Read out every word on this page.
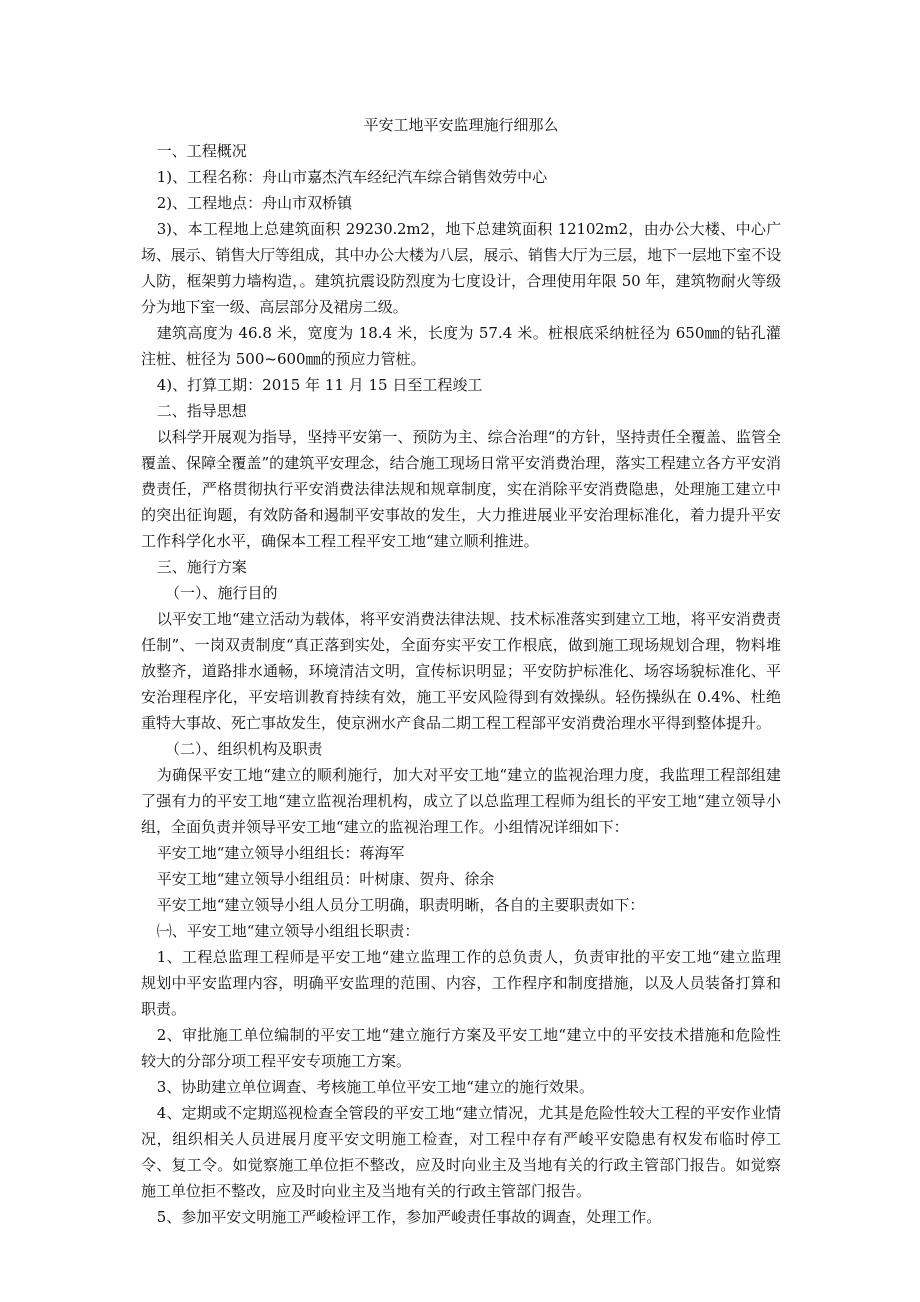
平安工地平安监理施行细那么

一、工程概况

1)、工程名称：舟山市嘉杰汽车经纪汽车综合销售效劳中心

2)、工程地点：舟山市双桥镇

3)、本工程地上总建筑面积 29230.2m2，地下总建筑面积 12102m2，由办公大楼、中心广场、展示、销售大厅等组成，其中办公大楼为八层，展示、销售大厅为三层，地下一层地下室不设人防，框架剪力墙构造，。建筑抗震设防烈度为七度设计，合理使用年限 50 年，建筑物耐火等级分为地下室一级、高层部分及裙房二级。

建筑高度为 46.8 米，宽度为 18.4 米，长度为 57.4 米。桩根底采纳桩径为 650㎜的钻孔灌注桩、桩径为 500~600㎜的预应力管桩。

4)、打算工期：2015 年 11 月 15 日至工程竣工

二、指导思想

以科学开展观为指导，坚持平安第一、预防为主、综合治理“的方针，坚持责任全覆盖、监管全覆盖、保障全覆盖”的建筑平安理念，结合施工现场日常平安消费治理，落实工程建立各方平安消费责任，严格贯彻执行平安消费法律法规和规章制度，实在消除平安消费隐患，处理施工建立中的突出征询题，有效防备和遏制平安事故的发生，大力推进展业平安治理标准化，着力提升平安工作科学化水平，确保本工程工程平安工地“建立顺利推进。

三、施行方案

（一）、施行目的

以平安工地“建立活动为载体，将平安消费法律法规、技术标准落实到建立工地，将平安消费责任制”、一岗双责制度“真正落到实处，全面夯实平安工作根底，做到施工现场规划合理，物料堆放整齐，道路排水通畅，环境清洁文明，宣传标识明显；平安防护标准化、场容场貌标准化、平安治理程序化，平安培训教育持续有效，施工平安风险得到有效操纵。轻伤操纵在 0.4%、杜绝重特大事故、死亡事故发生，使京洲水产食品二期工程工程部平安消费治理水平得到整体提升。

（二）、组织机构及职责

为确保平安工地“建立的顺利施行，加大对平安工地“建立的监视治理力度，我监理工程部组建了强有力的平安工地“建立监视治理机构，成立了以总监理工程师为组长的平安工地“建立领导小组，全面负责并领导平安工地“建立的监视治理工作。小组情况详细如下：

平安工地“建立领导小组组长：蒋海军

平安工地“建立领导小组组员：叶树康、贺舟、徐余

平安工地“建立领导小组人员分工明确，职责明晰，各自的主要职责如下：

㈠、平安工地“建立领导小组组长职责：

1、工程总监理工程师是平安工地“建立监理工作的总负责人，负责审批的平安工地“建立监理规划中平安监理内容，明确平安监理的范围、内容，工作程序和制度措施，以及人员装备打算和职责。

2、审批施工单位编制的平安工地“建立施行方案及平安工地“建立中的平安技术措施和危险性较大的分部分项工程平安专项施工方案。

3、协助建立单位调查、考核施工单位平安工地“建立的施行效果。

4、定期或不定期巡视检查全管段的平安工地“建立情况，尤其是危险性较大工程的平安作业情况，组织相关人员进展月度平安文明施工检查，对工程中存有严峻平安隐患有权发布临时停工令、复工令。如觉察施工单位拒不整改，应及时向业主及当地有关的行政主管部门报告。如觉察施工单位拒不整改，应及时向业主及当地有关的行政主管部门报告。

5、参加平安文明施工严峻检评工作，参加严峻责任事故的调查，处理工作。
